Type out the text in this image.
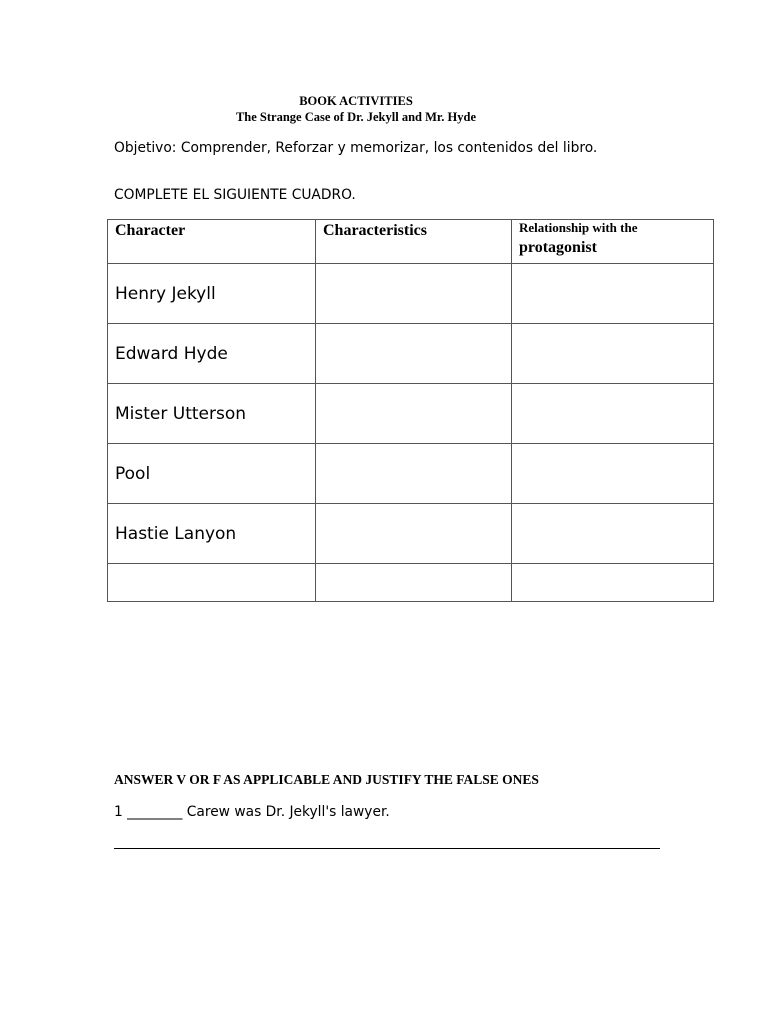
BOOK ACTIVITIES
The Strange Case of Dr. Jekyll and Mr. Hyde
Objetivo: Comprender, Reforzar y memorizar, los contenidos del libro.
COMPLETE EL SIGUIENTE CUADRO.
Character	Characteristics	Relationship with the
protagonist

Henry Jekyll		
Edward Hyde		
Mister Utterson		
Pool		
Hastie Lanyon		

ANSWER V OR F AS APPLICABLE AND JUSTIFY THE FALSE ONES
1 ________ Carew was Dr. Jekyll's lawyer.
